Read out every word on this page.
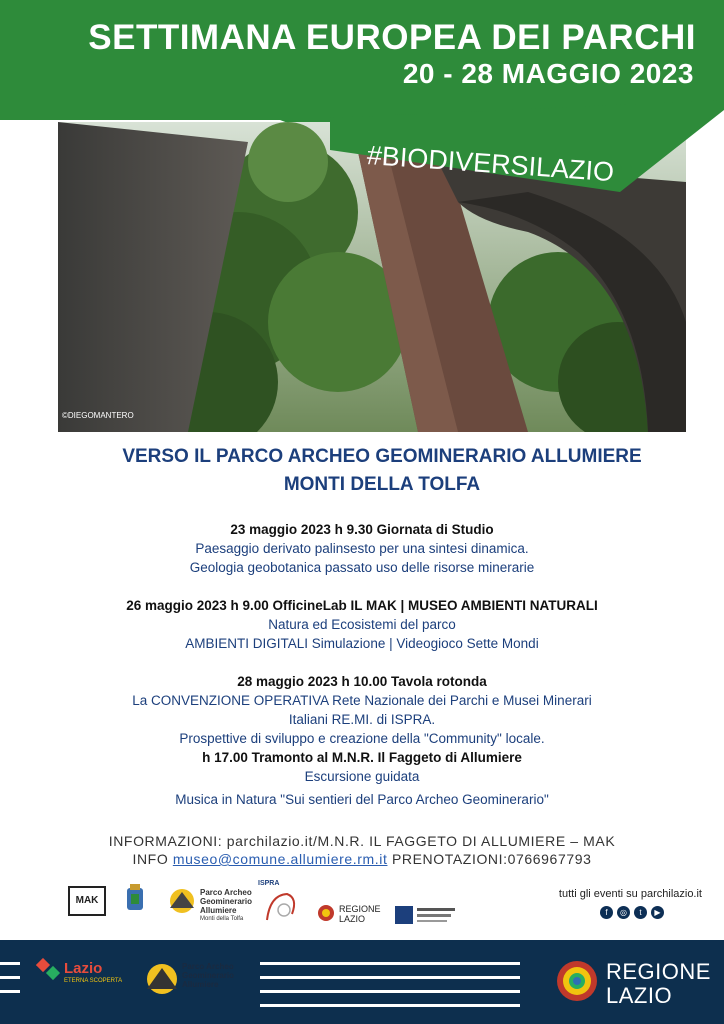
©DIEGOMANTERO
SETTIMANA EUROPEA DEI PARCHI
20 - 28 MAGGIO 2023
#BIODIVERSILAZIO
VERSO IL PARCO ARCHEO GEOMINERARIO ALLUMIERE
MONTI DELLA TOLFA
23 maggio 2023 h 9.30 Giornata di Studio
Paesaggio derivato palinsesto per una sintesi dinamica.
Geologia geobotanica passato uso delle risorse minerarie
26 maggio 2023 h 9.00 OfficineLab IL MAK | MUSEO AMBIENTI NATURALI
Natura ed Ecosistemi del parco
AMBIENTI DIGITALI Simulazione | Videogioco Sette Mondi
28 maggio 2023 h 10.00 Tavola rotonda
La CONVENZIONE OPERATIVA Rete Nazionale dei Parchi e Musei Minerari
Italiani RE.MI. di ISPRA.
Prospettive di sviluppo e creazione della "Community" locale.
h 17.00 Tramonto al M.N.R. Il Faggeto di Allumiere
Escursione guidata
Musica in Natura "Sui sentieri del Parco Archeo Geominerario"
INFORMAZIONI: parchilazio.it/M.N.R. IL FAGGETO DI ALLUMIERE – MAK
INFO museo@comune.allumiere.rm.it PRENOTAZIONI:0766967793
MAK
Parco Archeo
Geominerario
Allumiere
Monti della Tolfa
ISPRA
REGIONE
LAZIO
tutti gli eventi su parchilazio.it
f	◎	t	▶
Lazio
ETERNA SCOPERTA
Parco Archeo
Geominerario
Allumiere
REGIONE
LAZIO
